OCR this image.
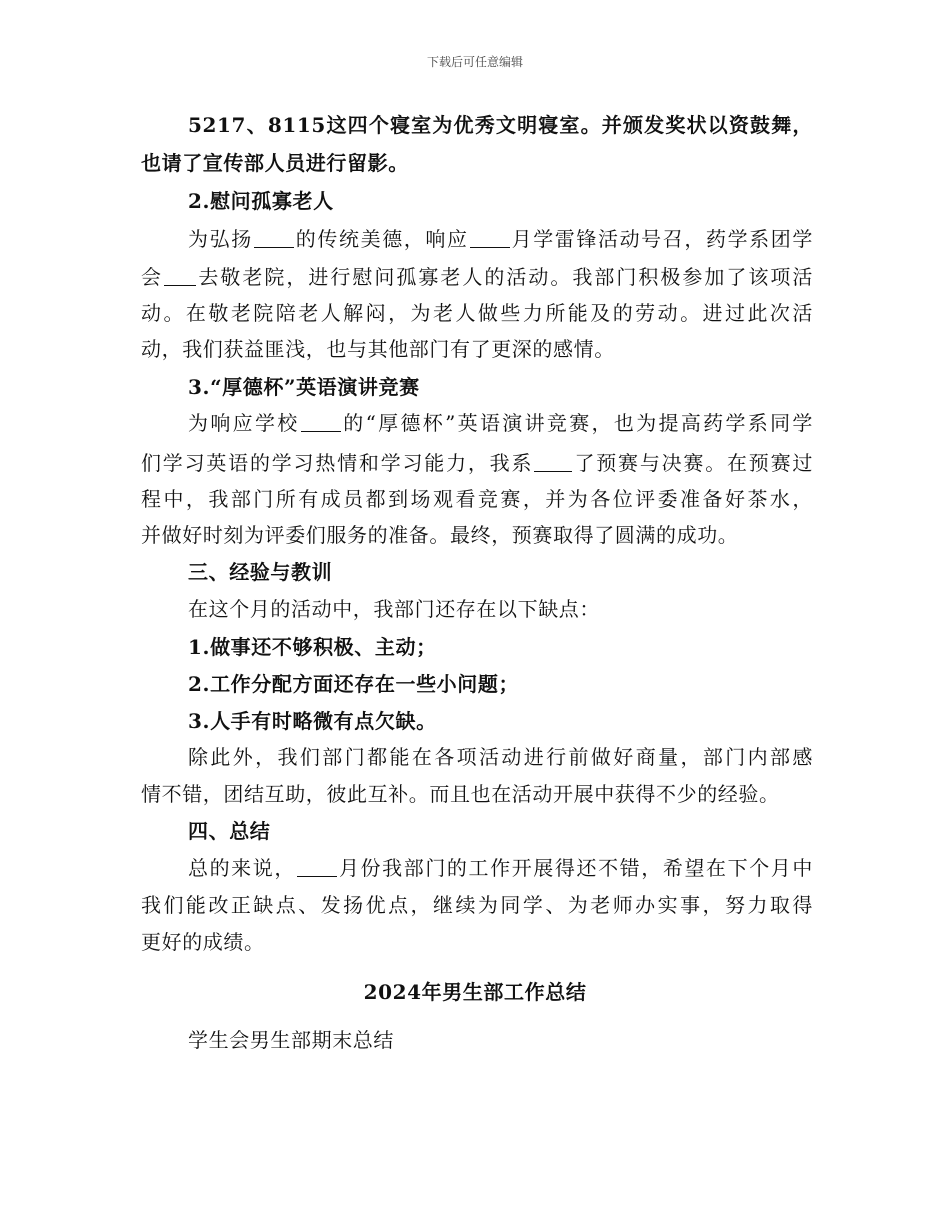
下载后可任意编辑
5217、8115这四个寝室为优秀文明寝室。并颁发奖状以资鼓舞，
也请了宣传部人员进行留影。
2.慰问孤寡老人
为弘扬 的传统美德，响应 月学雷锋活动号召，药学系团学
会 去敬老院，进行慰问孤寡老人的活动。我部门积极参加了该项活
动。在敬老院陪老人解闷，为老人做些力所能及的劳动。进过此次活
动，我们获益匪浅，也与其他部门有了更深的感情。
3.“厚德杯”英语演讲竞赛
为响应学校 的“厚德杯”英语演讲竞赛，也为提高药学系同学
们学习英语的学习热情和学习能力，我系 了预赛与决赛。在预赛过
程中，我部门所有成员都到场观看竞赛，并为各位评委准备好茶水，
并做好时刻为评委们服务的准备。最终，预赛取得了圆满的成功。
三、经验与教训
在这个月的活动中，我部门还存在以下缺点：
1.做事还不够积极、主动；
2.工作分配方面还存在一些小问题；
3.人手有时略微有点欠缺。
除此外，我们部门都能在各项活动进行前做好商量，部门内部感
情不错，团结互助，彼此互补。而且也在活动开展中获得不少的经验。
四、总结
总的来说， 月份我部门的工作开展得还不错，希望在下个月中
我们能改正缺点、发扬优点，继续为同学、为老师办实事，努力取得
更好的成绩。
2024年男生部工作总结
学生会男生部期末总结
